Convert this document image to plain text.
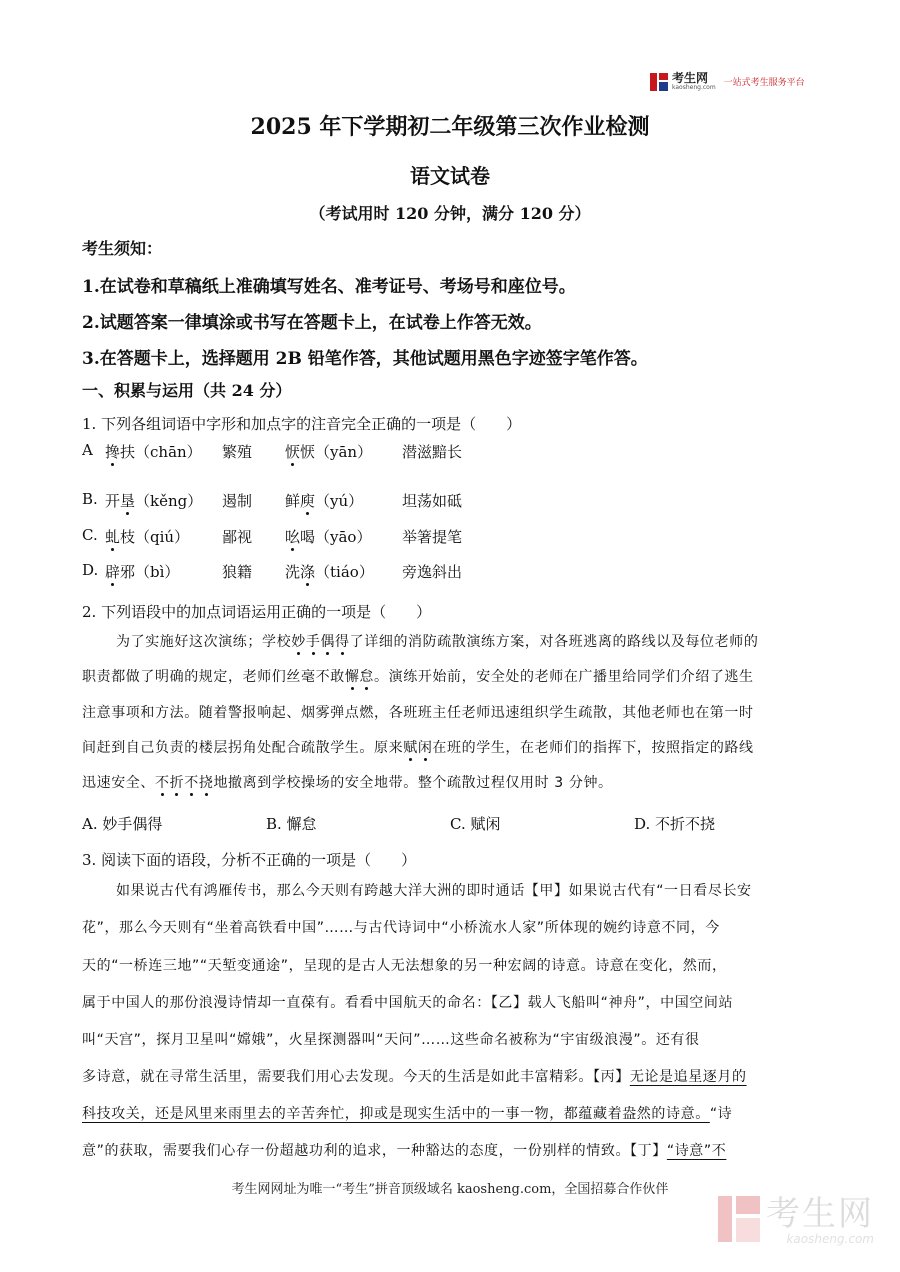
考生网
kaosheng.com 一站式考生服务平台
2025 年下学期初二年级第三次作业检测
语文试卷
（考试用时 120 分钟，满分 120 分）
考生须知：
1.在试卷和草稿纸上准确填写姓名、准考证号、考场号和座位号。
2.试题答案一律填涂或书写在答题卡上，在试卷上作答无效。
3.在答题卡上，选择题用 2B 铅笔作答，其他试题用黑色字迹签字笔作答。
一、积累与运用（共 24 分）
1. 下列各组词语中字形和加点字的注音完全正确的一项是（　　）
A 搀扶（chān） 繁殖 恹恹（yān） 潜滋黯长
B. 开垦（kěng） 遏制 鲜庾（yú）	坦荡如砥
C. 虬枝（qiú） 鄙视 吆喝（yāo） 举箸提笔
D. 辟邪（bì）	狼籍 洗涤（tiáo） 旁逸斜出
2. 下列语段中的加点词语运用正确的一项是（　　）
为了实施好这次演练；学校妙手偶得了详细的消防疏散演练方案，对各班逃离的路线以及每位老师的
职责都做了明确的规定，老师们丝毫不敢懈怠。演练开始前，安全处的老师在广播里给同学们介绍了逃生
注意事项和方法。随着警报响起、烟雾弹点燃，各班班主任老师迅速组织学生疏散，其他老师也在第一时
间赶到自己负责的楼层拐角处配合疏散学生。原来赋闲在班的学生，在老师们的指挥下，按照指定的路线
迅速安全、不折不挠地撤离到学校操场的安全地带。整个疏散过程仅用时 3 分钟。
A. 妙手偶得	B. 懈怠	C. 赋闲	D. 不折不挠
3. 阅读下面的语段，分析不正确的一项是（　　）
如果说古代有鸿雁传书，那么今天则有跨越大洋大洲的即时通话【甲】如果说古代有“一日看尽长安
花”，那么今天则有“坐着高铁看中国”……与古代诗词中“小桥流水人家”所体现的婉约诗意不同，今
天的“一桥连三地”“天堑变通途”，呈现的是古人无法想象的另一种宏阔的诗意。诗意在变化，然而，
属于中国人的那份浪漫诗情却一直葆有。看看中国航天的命名：【乙】载人飞船叫“神舟”，中国空间站
叫“天宫”，探月卫星叫“嫦娥”，火星探测器叫“天问”……这些命名被称为“宇宙级浪漫”。还有很
多诗意，就在寻常生活里，需要我们用心去发现。今天的生活是如此丰富精彩。【丙】无论是追星逐月的
科技攻关，还是风里来雨里去的辛苦奔忙，抑或是现实生活中的一事一物，都蕴藏着盎然的诗意。“诗
意”的获取，需要我们心存一份超越功利的追求，一种豁达的态度，一份别样的情致。【丁】“诗意”不
考生网网址为唯一“考生”拼音顶级域名 kaosheng.com，全国招募合作伙伴
考生网
kaosheng.com
